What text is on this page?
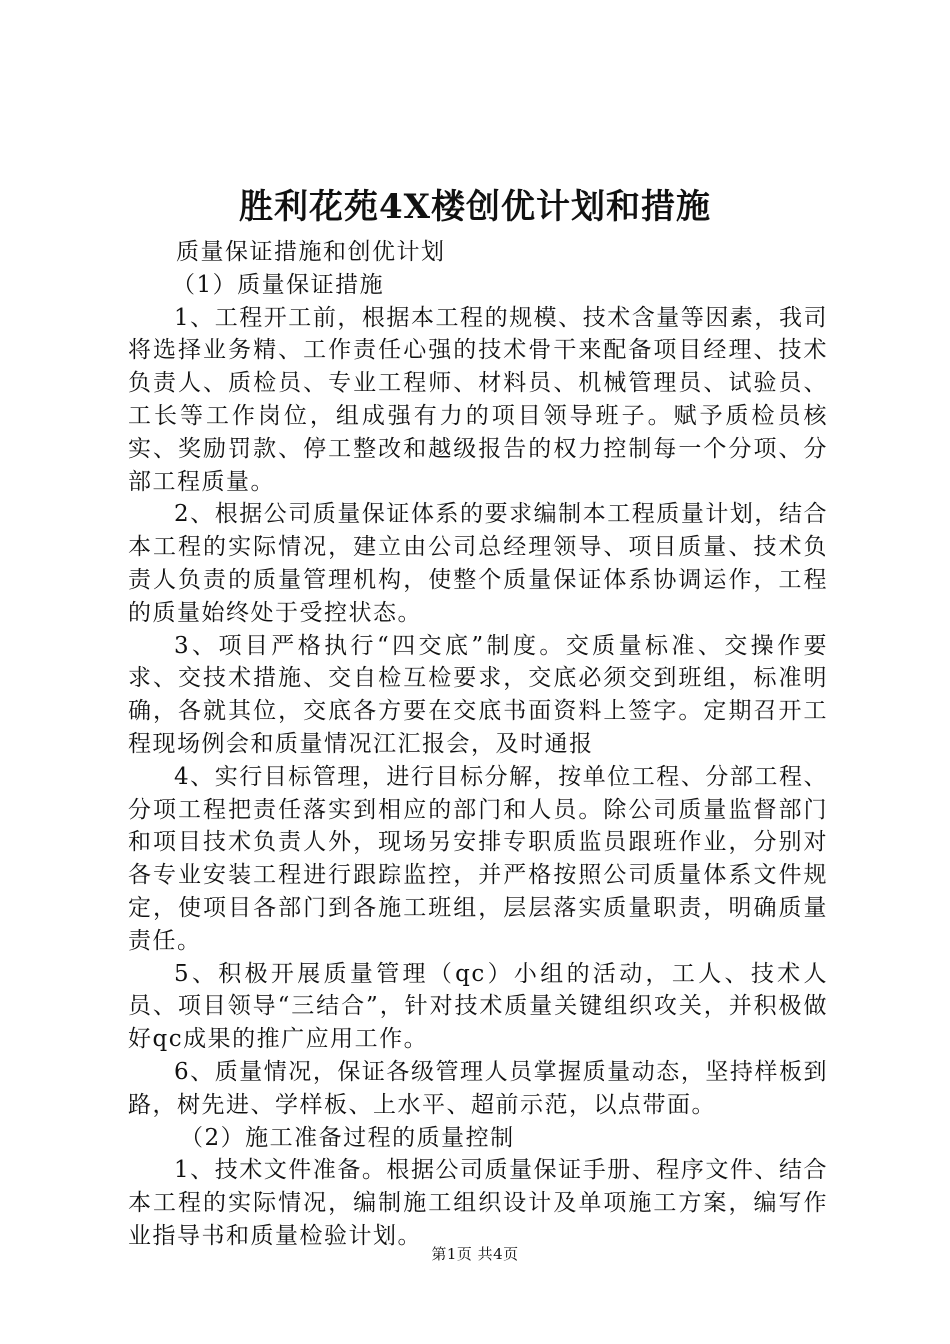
胜利花苑4X楼创优计划和措施

质量保证措施和创优计划

（1）质量保证措施

1、工程开工前，根据本工程的规模、技术含量等因素，我司将选择业务精、工作责任心强的技术骨干来配备项目经理、技术负责人、质检员、专业工程师、材料员、机械管理员、试验员、工长等工作岗位，组成强有力的项目领导班子。赋予质检员核实、奖励罚款、停工整改和越级报告的权力控制每一个分项、分部工程质量。

2、根据公司质量保证体系的要求编制本工程质量计划，结合本工程的实际情况，建立由公司总经理领导、项目质量、技术负责人负责的质量管理机构，使整个质量保证体系协调运作，工程的质量始终处于受控状态。

3、项目严格执行“四交底”制度。交质量标准、交操作要求、交技术措施、交自检互检要求，交底必须交到班组，标准明确，各就其位，交底各方要在交底书面资料上签字。定期召开工程现场例会和质量情况江汇报会，及时通报

4、实行目标管理，进行目标分解，按单位工程、分部工程、分项工程把责任落实到相应的部门和人员。除公司质量监督部门和项目技术负责人外，现场另安排专职质监员跟班作业，分别对各专业安装工程进行跟踪监控，并严格按照公司质量体系文件规定，使项目各部门到各施工班组，层层落实质量职责，明确质量责任。

5、积极开展质量管理（qc）小组的活动，工人、技术人员、项目领导“三结合”，针对技术质量关键组织攻关，并积极做好qc成果的推广应用工作。

6、质量情况，保证各级管理人员掌握质量动态，坚持样板到路，树先进、学样板、上水平、超前示范，以点带面。

（2）施工准备过程的质量控制

1、技术文件准备。根据公司质量保证手册、程序文件、结合本工程的实际情况，编制施工组织设计及单项施工方案，编写作业指导书和质量检验计划。

第1页 共4页
